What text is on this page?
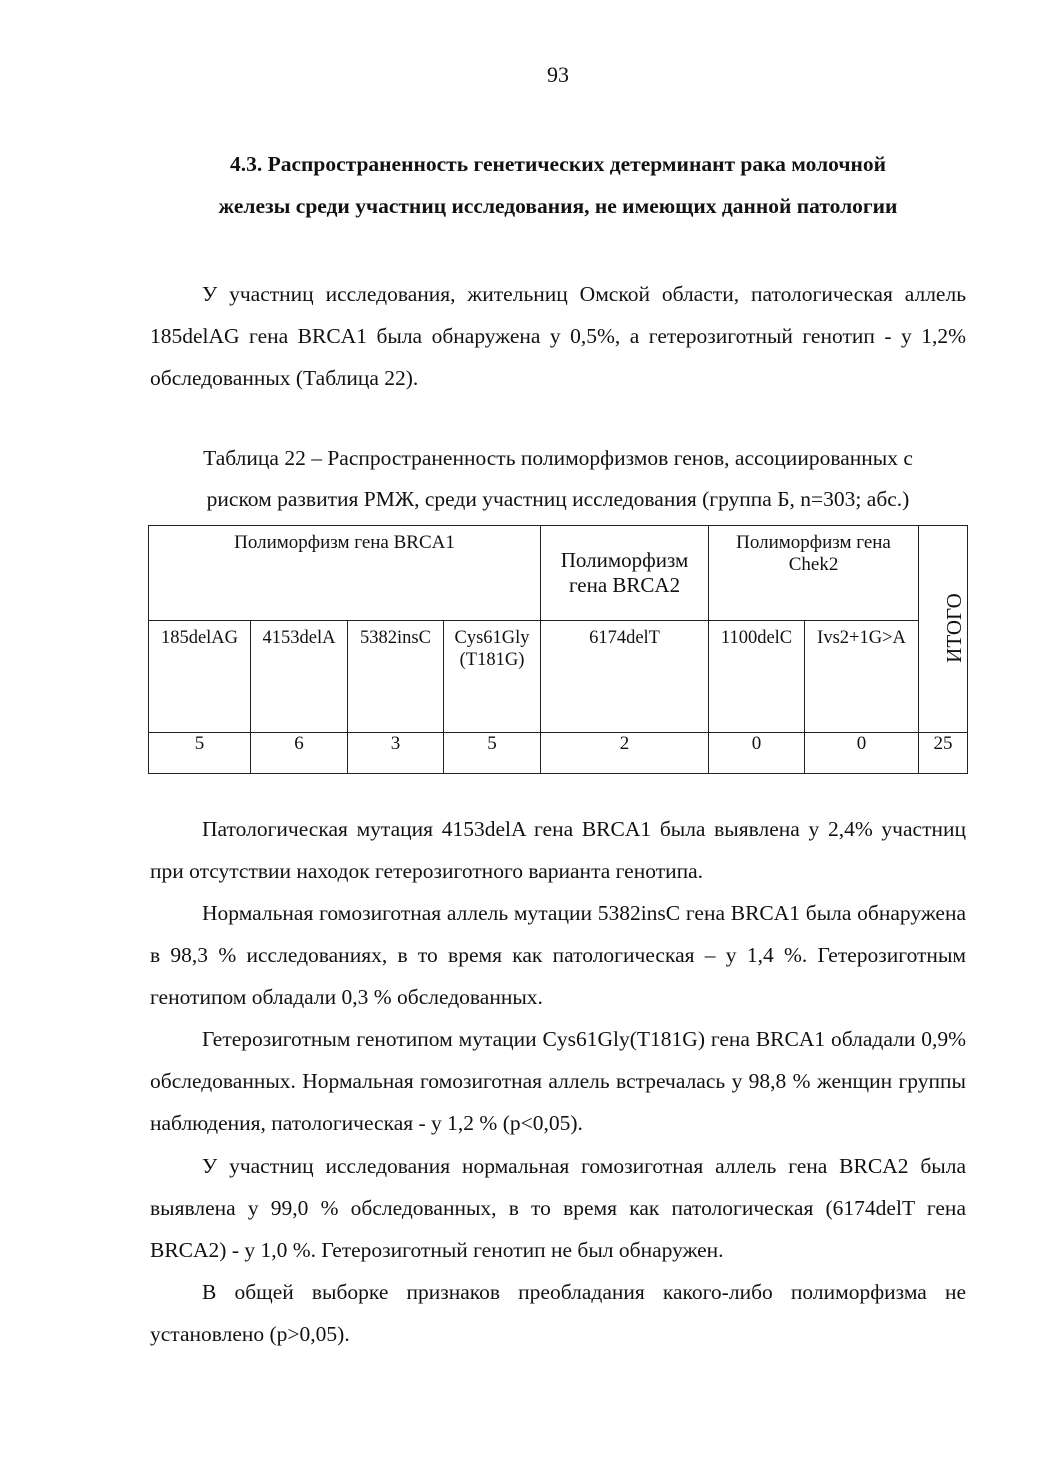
93
4.3. Распространенность генетических детерминант рака молочной
железы среди участниц исследования, не имеющих данной патологии

У участниц исследования, жительниц Омской области, патологическая аллель 185delAG гена BRCA1 была обнаружена у 0,5%, а гетерозиготный генотип - у 1,2% обследованных (Таблица 22).

Таблица 22 – Распространенность полиморфизмов генов, ассоциированных с
риском развития РМЖ, среди участниц исследования (группа Б, n=303; абс.)

Полиморфизм гена BRCA1				Полиморфизм гена BRCA2	Полиморфизм гена Chek2		ИТОГО
185delAG	4153delA	5382insC	Cys61Gly (T181G)	6174delT	1100delC	Ivs2+1G>A	
5	6	3	5	2	0	0	25

Патологическая мутация 4153delA гена BRCA1 была выявлена у 2,4% участниц при отсутствии находок гетерозиготного варианта генотипа.

Нормальная гомозиготная аллель мутации 5382insC гена BRCA1 была обнаружена в 98,3 % исследованиях, в то время как патологическая – у 1,4 %. Гетерозиготным генотипом обладали 0,3 % обследованных.

Гетерозиготным генотипом мутации Cys61Gly(T181G) гена BRCA1 обладали 0,9% обследованных. Нормальная гомозиготная аллель встречалась у 98,8 % женщин группы наблюдения, патологическая - у 1,2 % (p<0,05).

У участниц исследования нормальная гомозиготная аллель гена BRCA2 была выявлена у 99,0 % обследованных, в то время как патологическая (6174delT гена BRCA2) - у 1,0 %. Гетерозиготный генотип не был обнаружен.

В общей выборке признаков преобладания какого-либо полиморфизма не установлено (p>0,05).
